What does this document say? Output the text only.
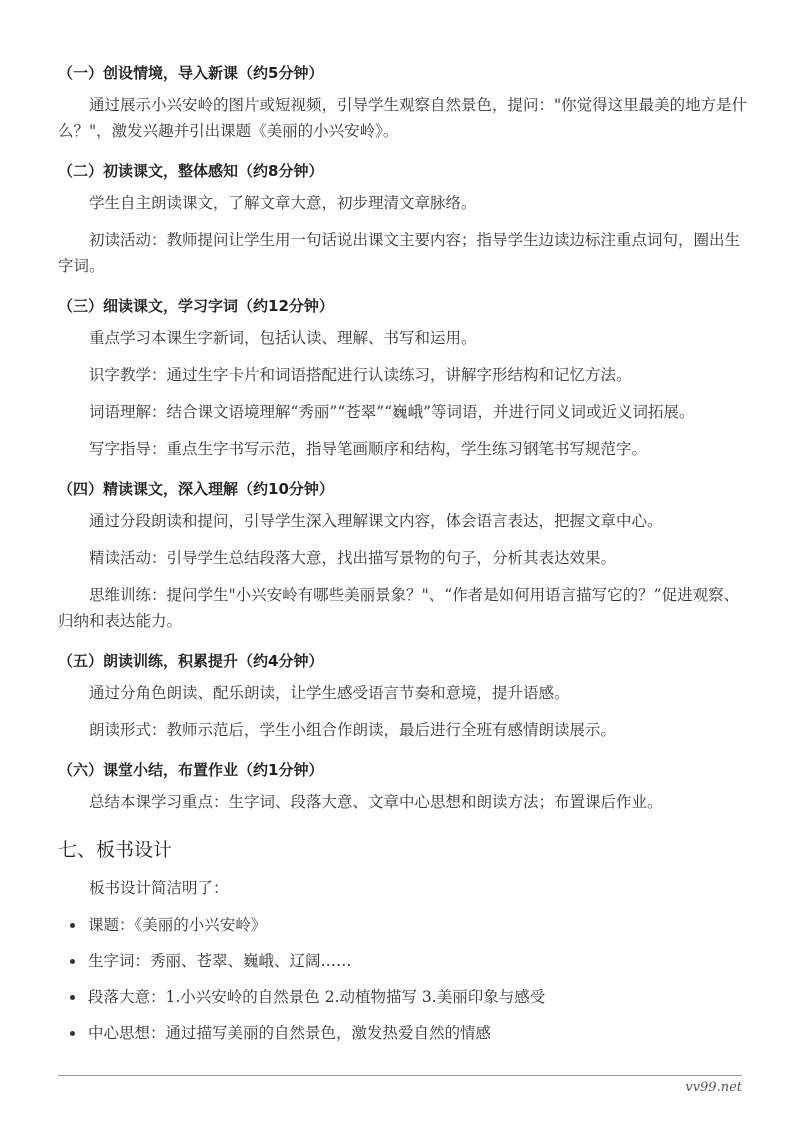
vv99.net
（一）创设情境，导入新课（约5分钟）

通过展示小兴安岭的图片或短视频，引导学生观察自然景色，提问："你觉得这里最美的地方是什么？"，激发兴趣并引出课题《美丽的小兴安岭》。

（二）初读课文，整体感知（约8分钟）

学生自主朗读课文，了解文章大意，初步理清文章脉络。

初读活动：教师提问让学生用一句话说出课文主要内容；指导学生边读边标注重点词句，圈出生字词。

（三）细读课文，学习字词（约12分钟）

重点学习本课生字新词，包括认读、理解、书写和运用。

识字教学：通过生字卡片和词语搭配进行认读练习，讲解字形结构和记忆方法。

词语理解：结合课文语境理解“秀丽”“苍翠”“巍峨”等词语，并进行同义词或近义词拓展。

写字指导：重点生字书写示范，指导笔画顺序和结构，学生练习钢笔书写规范字。

（四）精读课文，深入理解（约10分钟）

通过分段朗读和提问，引导学生深入理解课文内容，体会语言表达，把握文章中心。

精读活动：引导学生总结段落大意，找出描写景物的句子，分析其表达效果。

思维训练：提问学生"小兴安岭有哪些美丽景象？"、“作者是如何用语言描写它的？”促进观察、归纳和表达能力。

（五）朗读训练，积累提升（约4分钟）

通过分角色朗读、配乐朗读，让学生感受语言节奏和意境，提升语感。

朗读形式：教师示范后，学生小组合作朗读，最后进行全班有感情朗读展示。

（六）课堂小结，布置作业（约1分钟）

总结本课学习重点：生字词、段落大意、文章中心思想和朗读方法；布置课后作业。

七、板书设计

板书设计简洁明了：

课题：《美丽的小兴安岭》
生字词：秀丽、苍翠、巍峨、辽阔……
段落大意：1.小兴安岭的自然景色 2.动植物描写 3.美丽印象与感受
中心思想：通过描写美丽的自然景色，激发热爱自然的情感
vv99.net
